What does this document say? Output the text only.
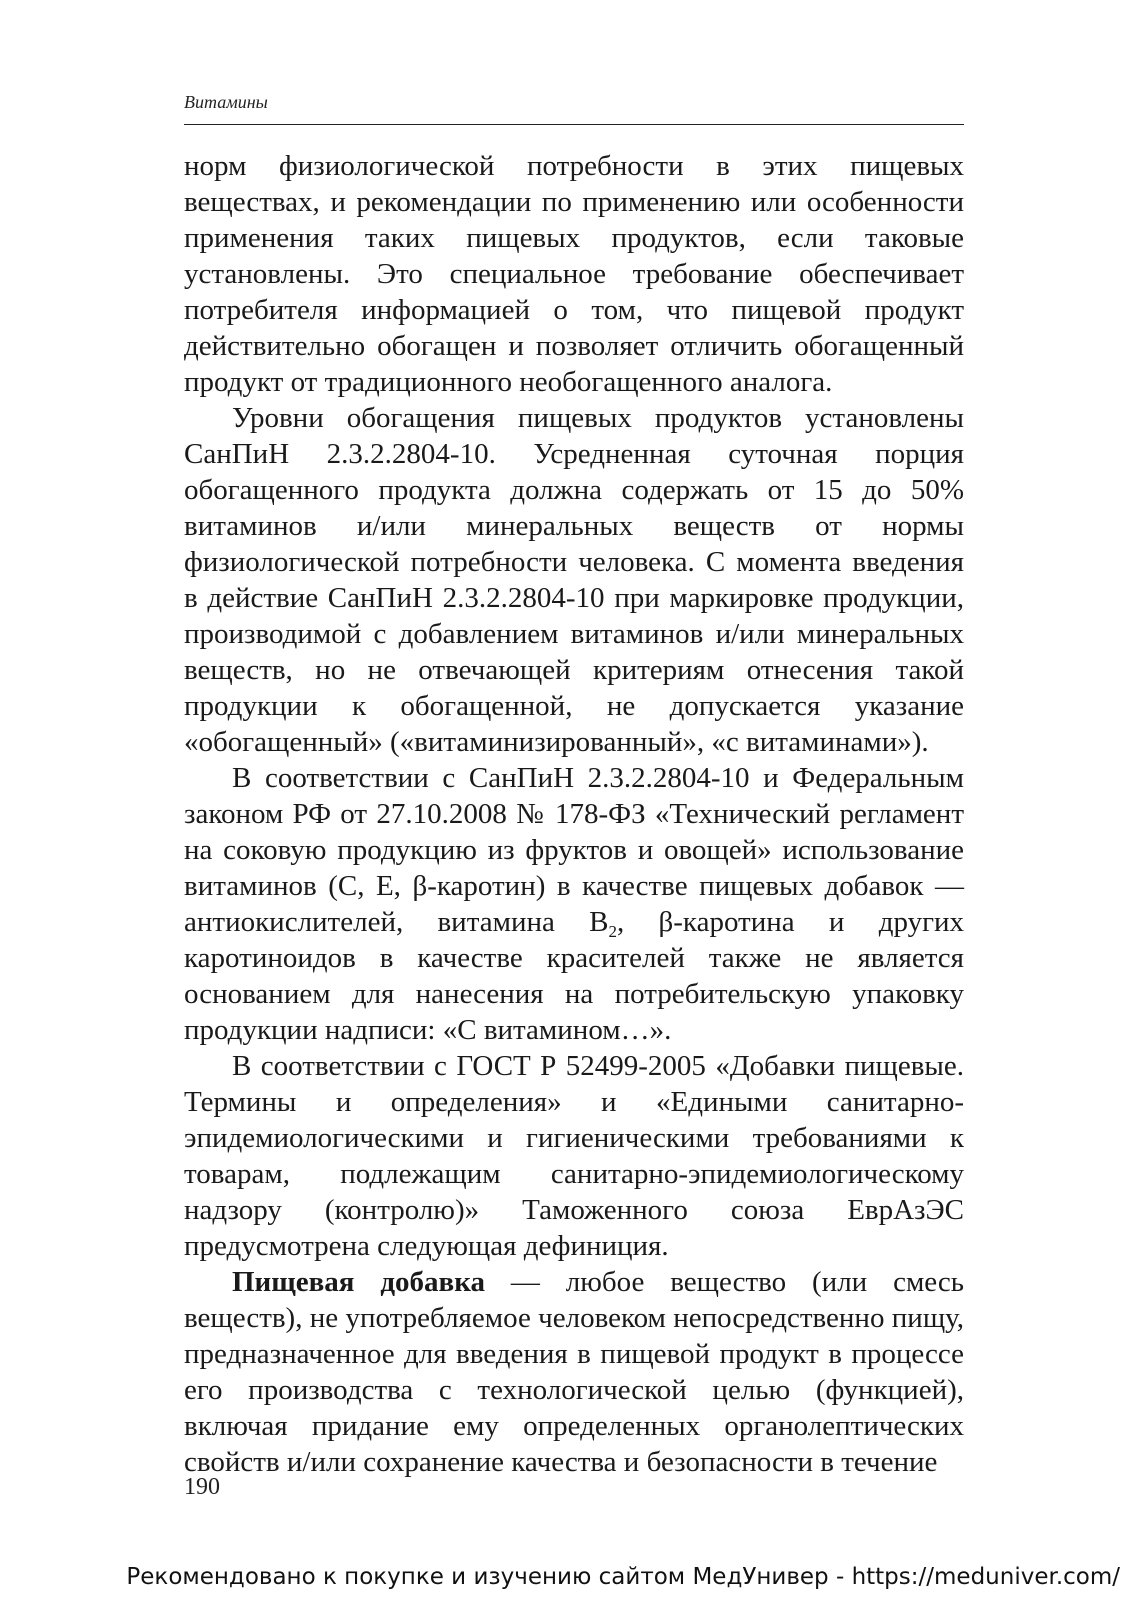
Витамины

норм физиологической потребности в этих пищевых веществах, и рекомендации по применению или особенности применения таких пищевых продуктов, если таковые установлены. Это специальное требование обеспечивает потребителя информацией о том, что пищевой продукт действительно обогащен и позволяет отличить обогащенный продукт от традиционного необогащенного аналога.

Уровни обогащения пищевых продуктов установлены СанПиН 2.3.2.2804-10. Усредненная суточная порция обогащенного продукта должна содержать от 15 до 50% витаминов и/или минеральных веществ от нормы физиологической потребности человека. С момента введения в действие СанПиН 2.3.2.2804-10 при маркировке продукции, производимой с добавлением витаминов и/или минеральных веществ, но не отвечающей критериям отнесения такой продукции к обогащенной, не допускается указание «обогащенный» («витаминизированный», «с витаминами»).

В соответствии с СанПиН 2.3.2.2804-10 и Федеральным законом РФ от 27.10.2008 № 178-ФЗ «Технический регламент на соковую продукцию из фруктов и овощей» использование витаминов (С, Е, β-каротин) в качестве пищевых добавок — антиокислителей, витамина $В_2$, β-каротина и других каротиноидов в качестве красителей также не является основанием для нанесения на потребительскую упаковку продукции надписи: «С витамином…».

В соответствии с ГОСТ Р 52499-2005 «Добавки пищевые. Термины и определения» и «Едиными санитарно-эпидемиологическими и гигиеническими требованиями к товарам, подлежащим санитарно-эпидемиологическому надзору (контролю)» Таможенного союза ЕврАзЭС предусмотрена следующая дефиниция.

Пищевая добавка — любое вещество (или смесь веществ), не употребляемое человеком непосредственно пищу, предназначенное для введения в пищевой продукт в процессе его производства с технологической целью (функцией), включая придание ему определенных органолептических свойств и/или сохранение качества и безопасности в течение

190
Рекомендовано к покупке и изучению сайтом МедУнивер - https://meduniver.com/
